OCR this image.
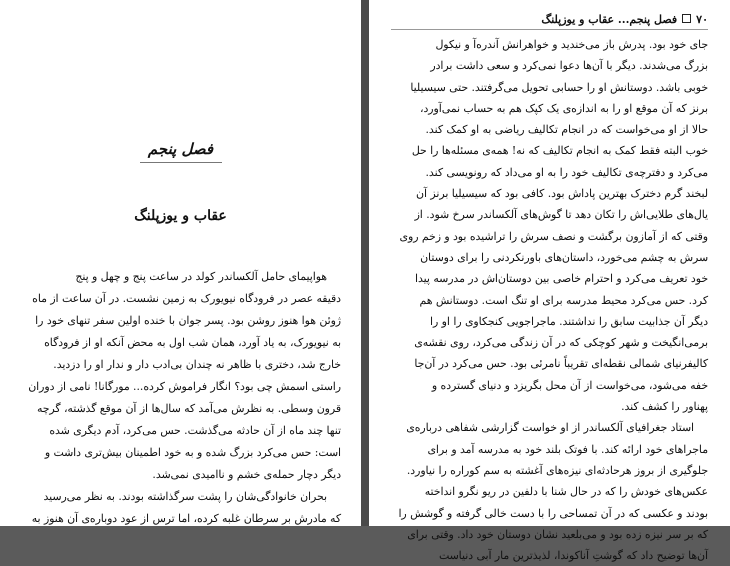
فصل پنجم
عقاب و یوزپلنگ

هواپیمای حامل آلکساندر کولد در ساعت پنج و چهل و پنج

دقیقه عصر در فرودگاه نیویورک به زمین نشست. در آن ساعت از ماه

ژوئن هوا هنوز روشن بود. پسر جوان با خنده اولین سفر تنهای خود را

به نیویورک، به یاد آورد، همان شب اول به محض آنکه او از فرودگاه

خارج شد، دختری با ظاهر نه چندان بی‌ادب دار و ندار او را دزدید.

راستی اسمش چی بود؟ انگار فراموش کرده... مورگانا! نامی از دوران

قرون وسطی. به نظرش می‌آمد که سال‌ها از آن موقع گذشته، گرچه

تنها چند ماه از آن حادثه می‌گذشت. حس می‌کرد، آدم دیگری شده

است: حس می‌کرد بزرگ شده و به خود اطمینان بیش‌تری داشت و

دیگر دچار حمله‌ی خشم و ناامیدی نمی‌شد.

بحران خانوادگی‌شان را پشت سرگذاشته بودند. به نظر می‌رسید

که مادرش بر سرطان غلبه کرده، اما ترس از عود دوباره‌ی آن هنوز به

۷۰فصل پنجم... عقاب و یوزپلنگ

جای خود بود. پدرش باز می‌خندید و خواهرانش آندره‌آ و نیکول

بزرگ می‌شدند. دیگر با آن‌ها دعوا نمی‌کرد و سعی داشت برادر

خوبی باشد. دوستانش او را حسابی تحویل می‌گرفتند. حتی سیسیلیا

برنز که آن موقع او را به اندازه‌ی یک کپک هم به حساب نمی‌آورد،

حالا از او می‌خواست که در انجام تکالیف ریاضی به او کمک کند.

خوب البته فقط کمک به انجام تکالیف که نه! همه‌ی مسئله‌ها را حل

می‌کرد و دفترچه‌ی تکالیف خود را به او می‌داد که رونویسی کند.

لبخند گرم دخترک بهترین پاداش بود. کافی بود که سیسیلیا برنز آن

یال‌های طلایی‌اش را تکان دهد تا گوش‌های آلکساندر سرخ شود. از

وقتی که از آمازون برگشت و نصف سرش را تراشیده بود و زخم روی

سرش به چشم می‌خورد، داستان‌های باورنکردنی را برای دوستان

خود تعریف می‌کرد و احترام خاصی بین دوستان‌اش در مدرسه پیدا

کرد. حس می‌کرد محیط مدرسه برای او تنگ است. دوستانش هم

دیگر آن جذابیت سابق را نداشتند. ماجراجویی کنجکاوی را او را

برمی‌انگیخت و شهر کوچکی که در آن زندگی می‌کرد، روی نقشه‌ی

کالیفرنیای شمالی نقطه‌ای تقریباً نامرئی بود. حس می‌کرد در آن‌جا

خفه می‌شود، می‌خواست از آن محل بگریزد و دنیای گسترده و

پهناور را کشف کند.

استاد جغرافیای آلکساندر از او خواست گزارشی شفاهی درباره‌ی

ماجراهای خود ارائه کند. با فوتک بلند خود به مدرسه آمد و برای

جلوگیری از بروز هرحادثه‌ای نیزه‌های آغشته به سم کوراره را نیاورد.

عکس‌های خودش را که در حال شنا با دلفین در ریو نگرو انداخته

بودند و عکسی که در آن تمساحی را با دست خالی گرفته و گوشش را

که بر سر نیزه زده بود و می‌بلعید نشان دوستان خود داد. وقتی برای

آن‌ها توضیح داد که گوشتِ آناکوندا، لذیذترین مار آبی دنیاست
